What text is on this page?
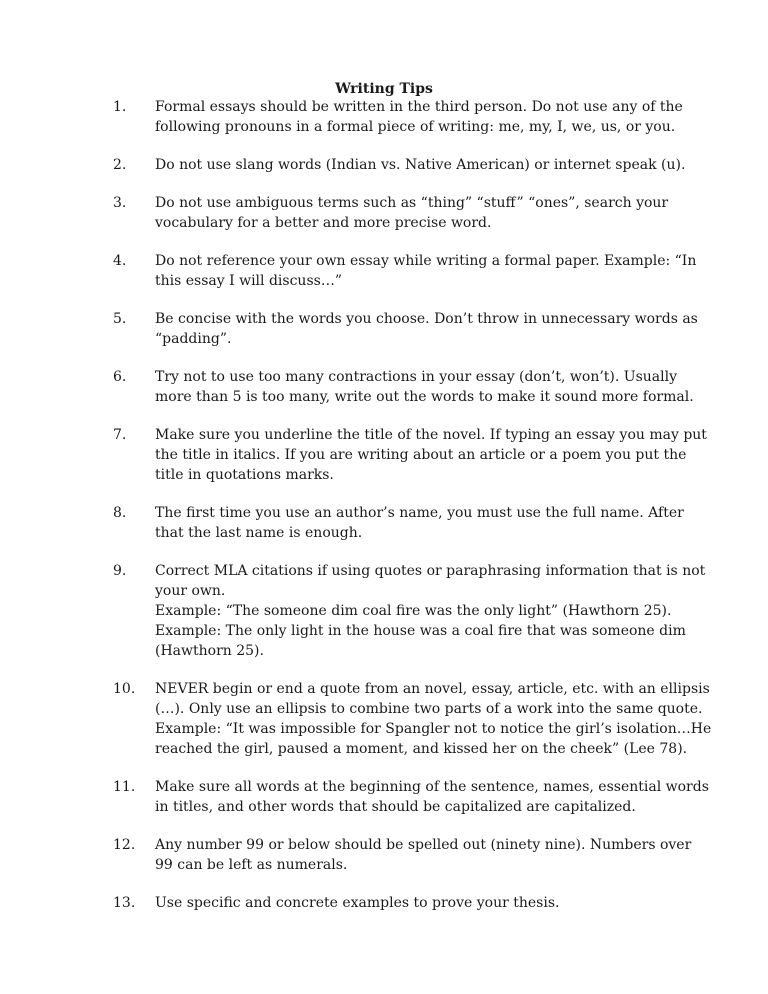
Writing Tips
1.	Formal essays should be written in the third person. Do not use any of the
following pronouns in a formal piece of writing: me, my, I, we, us, or you.
2.	Do not use slang words (Indian vs. Native American) or internet speak (u).
3.	Do not use ambiguous terms such as “thing” “stuff” “ones”, search your
vocabulary for a better and more precise word.
4.	Do not reference your own essay while writing a formal paper. Example: “In
this essay I will discuss…”
5.	Be concise with the words you choose. Don’t throw in unnecessary words as
“padding”.
6.	Try not to use too many contractions in your essay (don’t, won’t). Usually
more than 5 is too many, write out the words to make it sound more formal.
7.	Make sure you underline the title of the novel. If typing an essay you may put
the title in italics. If you are writing about an article or a poem you put the
title in quotations marks.
8.	The first time you use an author’s name, you must use the full name. After
that the last name is enough.
9.	Correct MLA citations if using quotes or paraphrasing information that is not
your own.
Example: “The someone dim coal fire was the only light” (Hawthorn 25).
Example: The only light in the house was a coal fire that was someone dim
(Hawthorn 25).
10.	NEVER begin or end a quote from an novel, essay, article, etc. with an ellipsis
(…). Only use an ellipsis to combine two parts of a work into the same quote.
Example: “It was impossible for Spangler not to notice the girl’s isolation…He
reached the girl, paused a moment, and kissed her on the cheek” (Lee 78).
11.	Make sure all words at the beginning of the sentence, names, essential words
in titles, and other words that should be capitalized are capitalized.
12.	Any number 99 or below should be spelled out (ninety nine). Numbers over
99 can be left as numerals.
13.	Use specific and concrete examples to prove your thesis.
